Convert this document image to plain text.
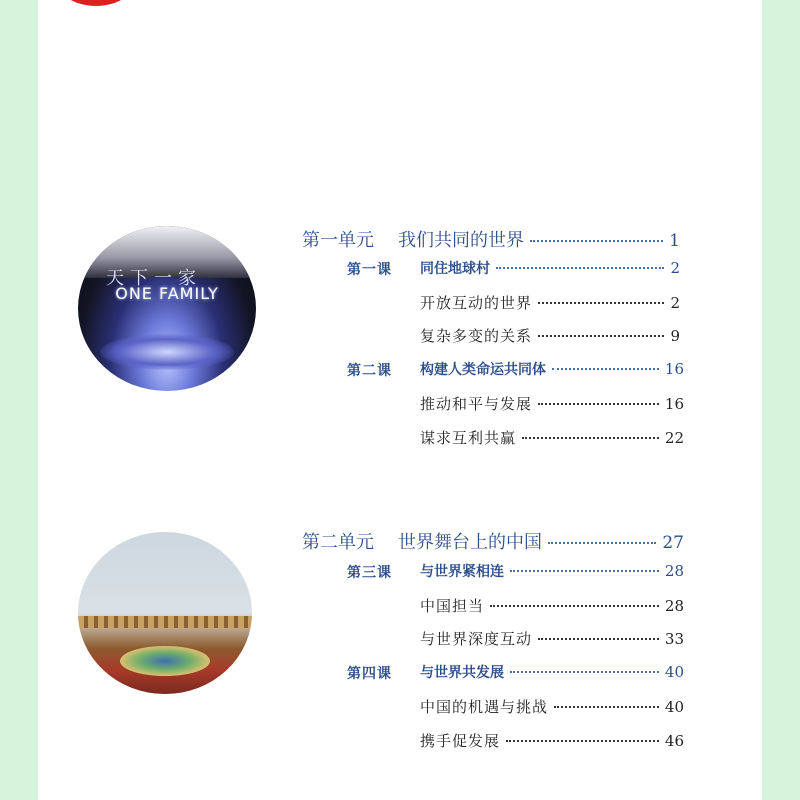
天下一家
ONE FAMILY
第一单元 我们共同的世界	1
第一课 同住地球村	2
开放互动的世界	2
复杂多变的关系	9
第二课 构建人类命运共同体	16
推动和平与发展	16
谋求互利共赢	22
第二单元 世界舞台上的中国	27
第三课 与世界紧相连	28
中国担当	28
与世界深度互动	33
第四课 与世界共发展	40
中国的机遇与挑战	40
携手促发展	46
